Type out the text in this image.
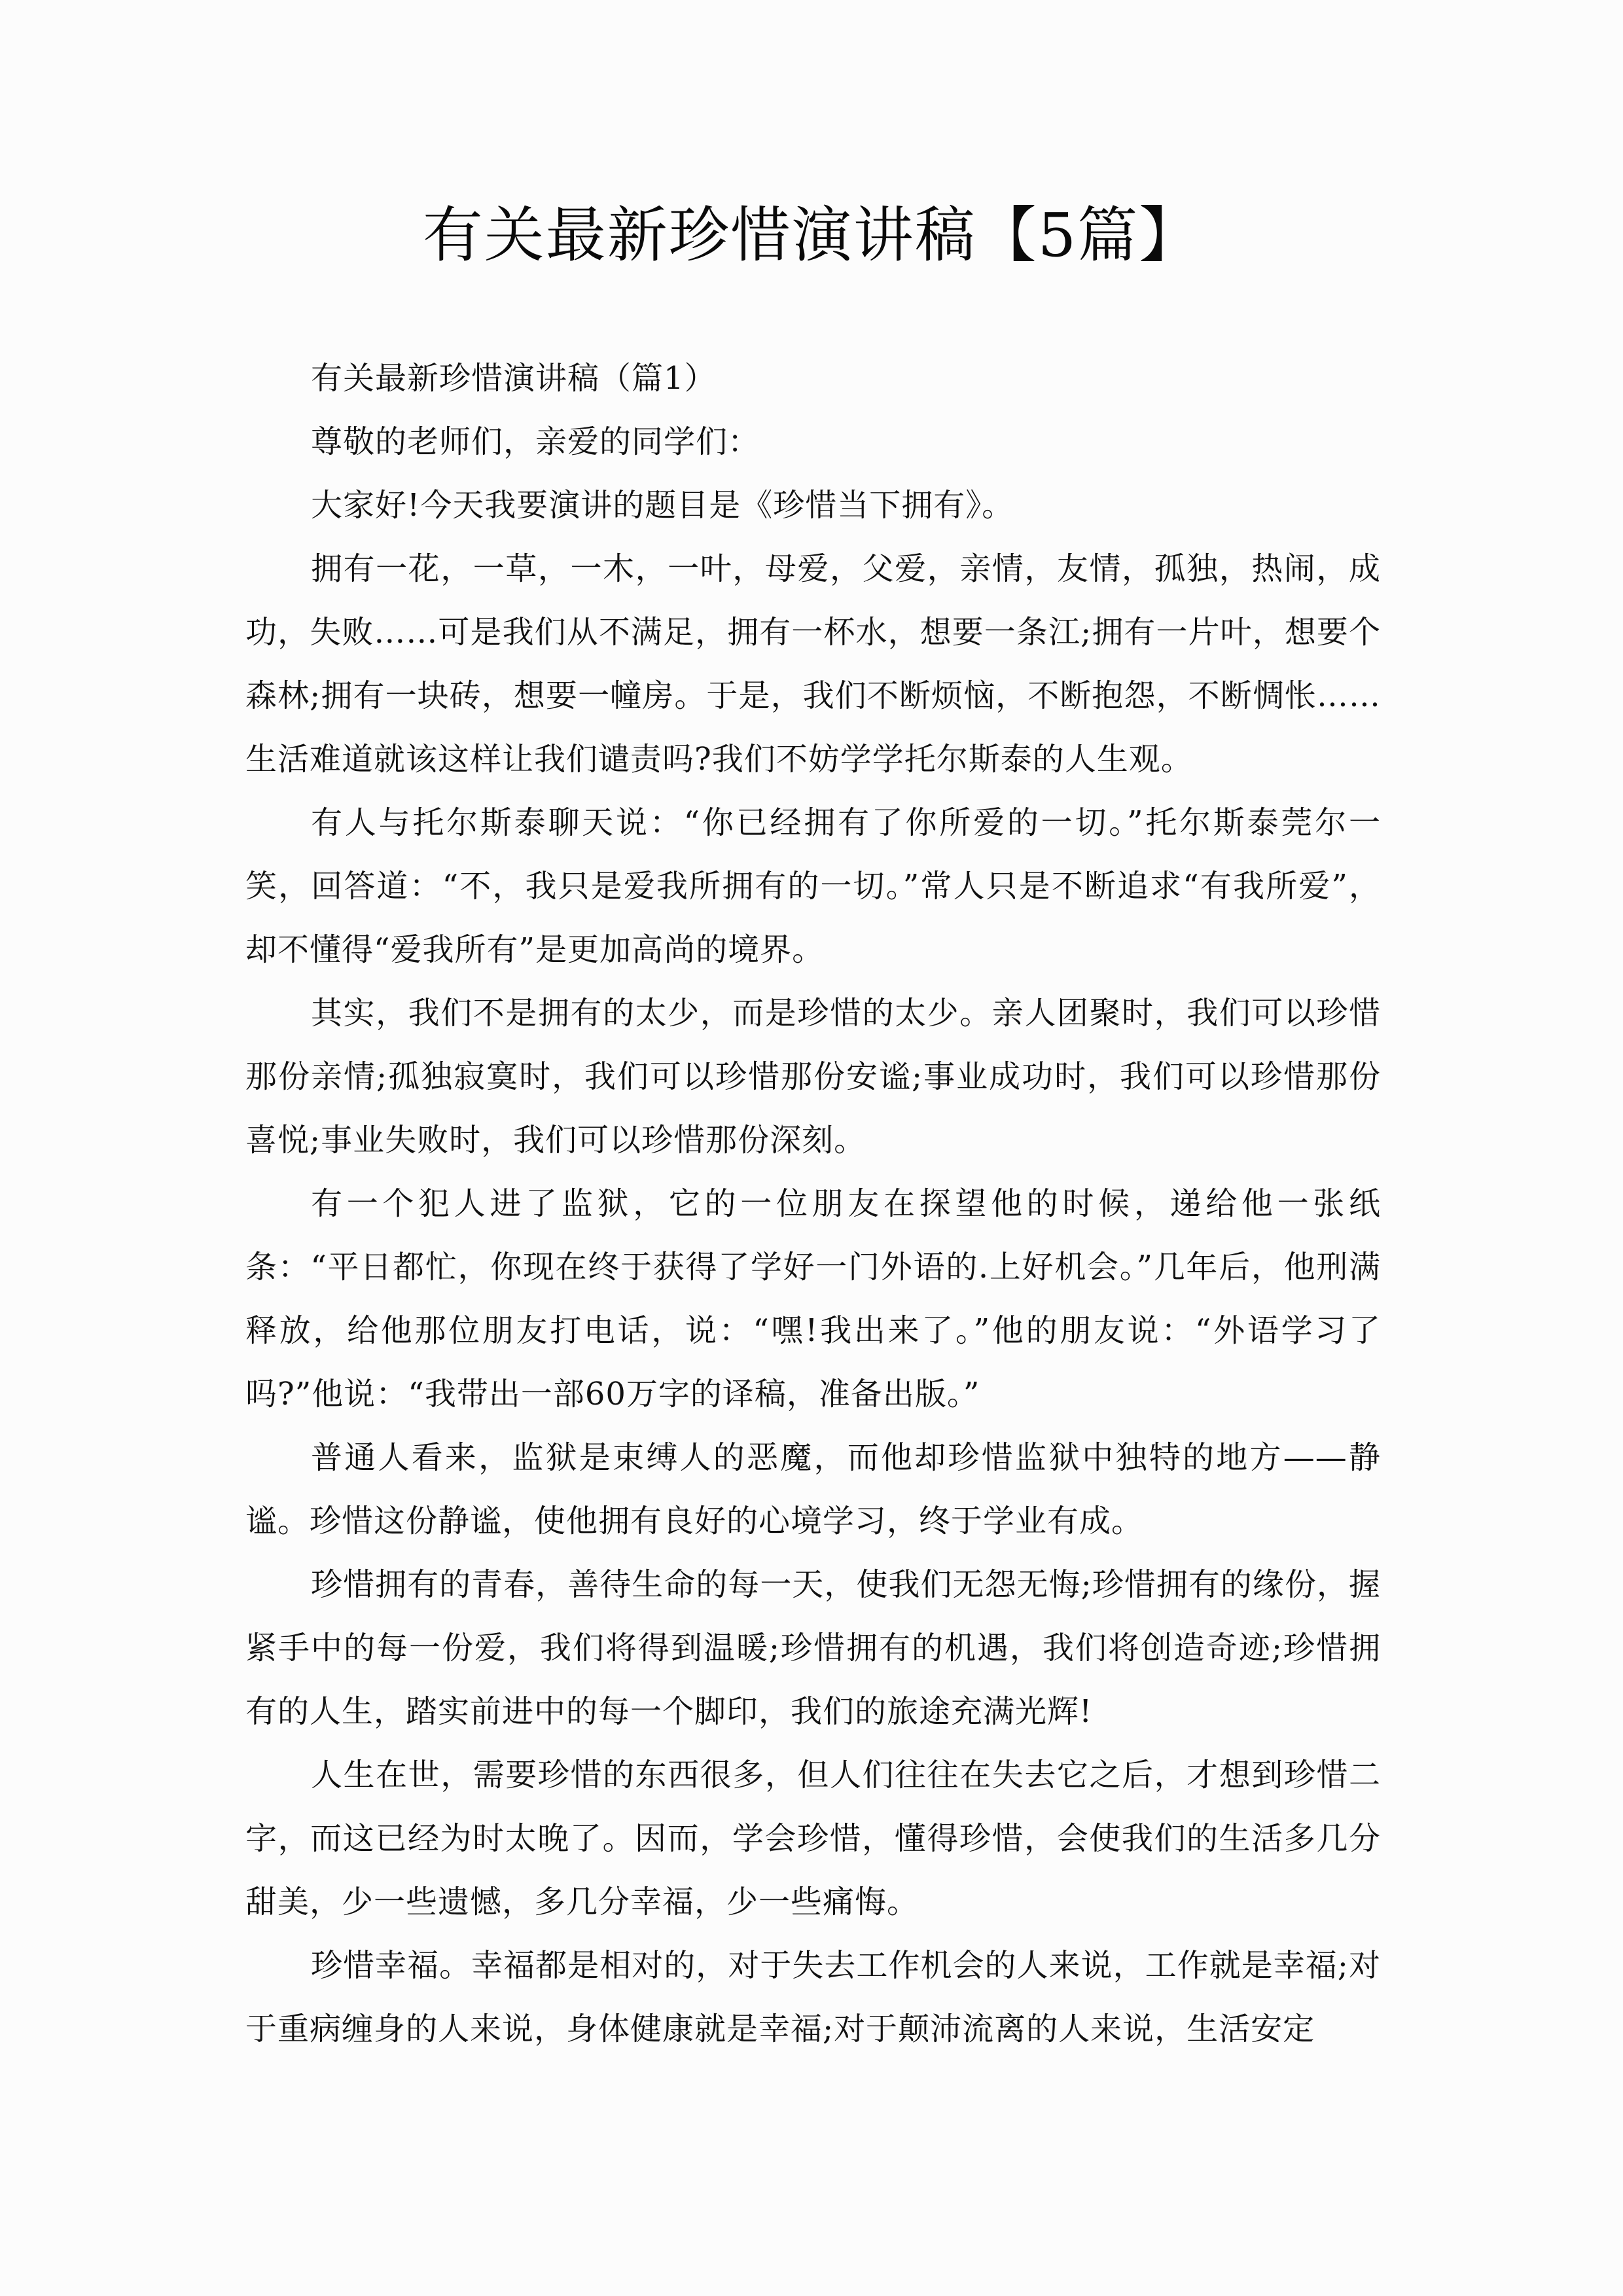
有关最新珍惜演讲稿【5篇】

有关最新珍惜演讲稿（篇1）

尊敬的老师们，亲爱的同学们：

大家好!今天我要演讲的题目是《珍惜当下拥有》。

拥有一花，一草，一木，一叶，母爱，父爱，亲情，友情，孤独，热闹，成功，失败……可是我们从不满足，拥有一杯水，想要一条江;拥有一片叶，想要个森林;拥有一块砖，想要一幢房。于是，我们不断烦恼，不断抱怨，不断惆怅……生活难道就该这样让我们谴责吗?我们不妨学学托尔斯泰的人生观。

有人与托尔斯泰聊天说：“你已经拥有了你所爱的一切。”托尔斯泰莞尔一笑，回答道：“不，我只是爱我所拥有的一切。”常人只是不断追求“有我所爱”，却不懂得“爱我所有”是更加高尚的境界。

其实，我们不是拥有的太少，而是珍惜的太少。亲人团聚时，我们可以珍惜那份亲情;孤独寂寞时，我们可以珍惜那份安谧;事业成功时，我们可以珍惜那份喜悦;事业失败时，我们可以珍惜那份深刻。

有一个犯人进了监狱，它的一位朋友在探望他的时候，递给他一张纸条：“平日都忙，你现在终于获得了学好一门外语的.上好机会。”几年后，他刑满释放，给他那位朋友打电话，说：“嘿!我出来了。”他的朋友说：“外语学习了吗?”他说：“我带出一部60万字的译稿，准备出版。”

普通人看来，监狱是束缚人的恶魔，而他却珍惜监狱中独特的地方——静谧。珍惜这份静谧，使他拥有良好的心境学习，终于学业有成。

珍惜拥有的青春，善待生命的每一天，使我们无怨无悔;珍惜拥有的缘份，握紧手中的每一份爱，我们将得到温暖;珍惜拥有的机遇，我们将创造奇迹;珍惜拥有的人生，踏实前进中的每一个脚印，我们的旅途充满光辉!

人生在世，需要珍惜的东西很多，但人们往往在失去它之后，才想到珍惜二字，而这已经为时太晚了。因而，学会珍惜，懂得珍惜，会使我们的生活多几分甜美，少一些遗憾，多几分幸福，少一些痛悔。

珍惜幸福。幸福都是相对的，对于失去工作机会的人来说，工作就是幸福;对于重病缠身的人来说，身体健康就是幸福;对于颠沛流离的人来说，生活安定
